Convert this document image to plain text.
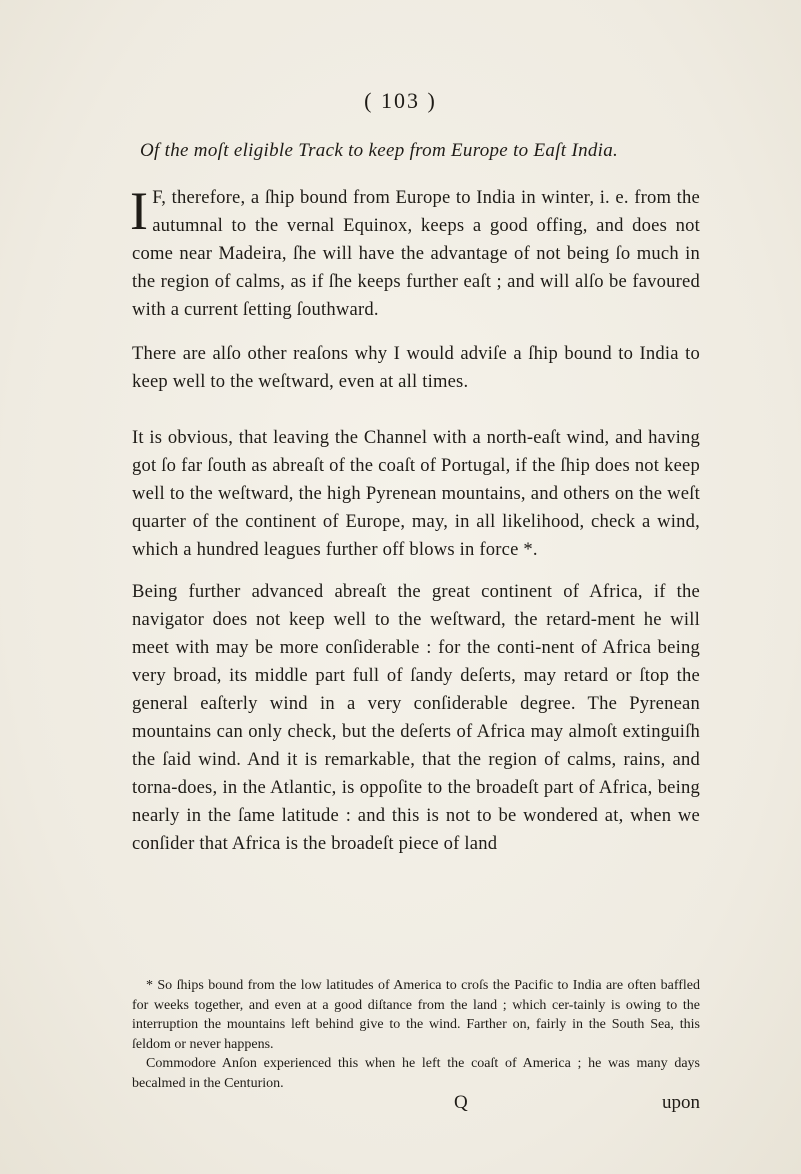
( 103 )
Of the moſt eligible Track to keep from Europe to Eaſt India.

I F, therefore, a ſhip bound from Europe to India in winter, i. e. from the autumnal to the vernal Equinox, keeps a good offing, and does not come near Madeira, ſhe will have the advantage of not being ſo much in the region of calms, as if ſhe keeps further eaſt ; and will alſo be favoured with a current ſetting ſouthward.

There are alſo other reaſons why I would adviſe a ſhip bound to India to keep well to the weſtward, even at all times.

It is obvious, that leaving the Channel with a north-eaſt wind, and having got ſo far ſouth as abreaſt of the coaſt of Portugal, if the ſhip does not keep well to the weſtward, the high Pyrenean mountains, and others on the weſt quarter of the continent of Europe, may, in all likelihood, check a wind, which a hundred leagues further off blows in force *.

Being further advanced abreaſt the great continent of Africa, if the navigator does not keep well to the weſtward, the retard-ment he will meet with may be more conſiderable : for the conti-nent of Africa being very broad, its middle part full of ſandy deſerts, may retard or ſtop the general eaſterly wind in a very conſiderable degree. The Pyrenean mountains can only check, but the deſerts of Africa may almoſt extinguiſh the ſaid wind. And it is remarkable, that the region of calms, rains, and torna-does, in the Atlantic, is oppoſite to the broadeſt part of Africa, being nearly in the ſame latitude : and this is not to be wondered at, when we conſider that Africa is the broadeſt piece of land

* So ſhips bound from the low latitudes of America to croſs the Pacific to India are often baffled for weeks together, and even at a good diſtance from the land ; which cer-tainly is owing to the interruption the mountains left behind give to the wind. Farther on, fairly in the South Sea, this ſeldom or never happens.

Commodore Anſon experienced this when he left the coaſt of America ; he was many days becalmed in the Centurion.

Q	upon
